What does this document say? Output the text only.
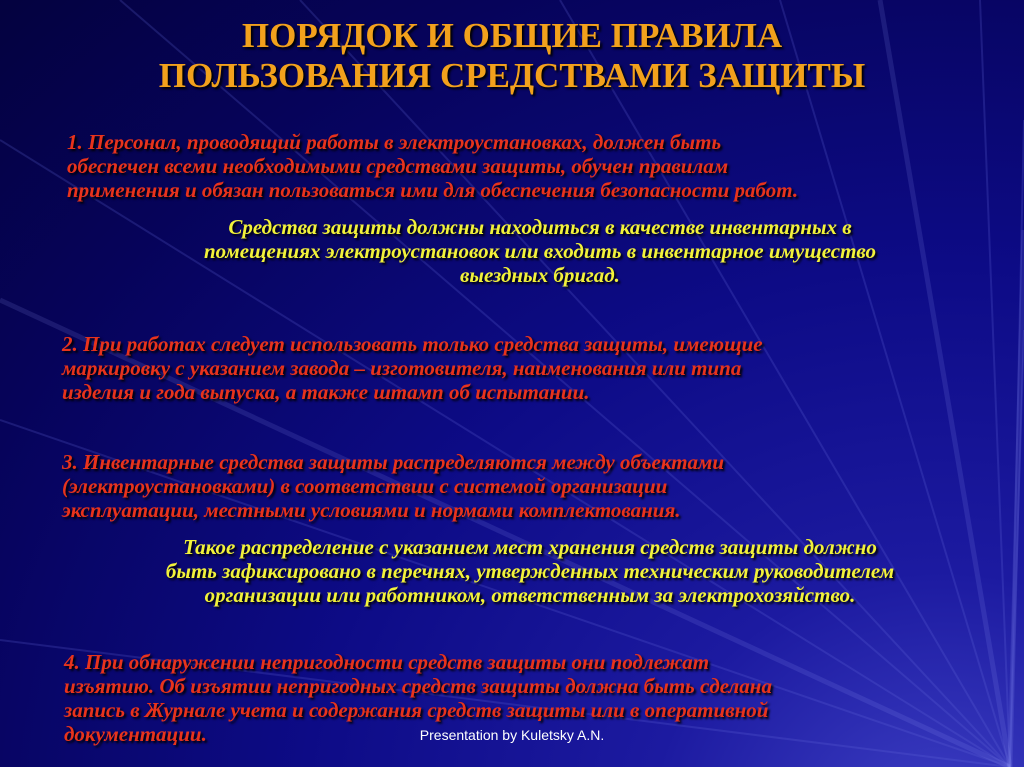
ПОРЯДОК И ОБЩИЕ ПРАВИЛА
ПОЛЬЗОВАНИЯ СРЕДСТВАМИ ЗАЩИТЫ
1. Персонал, проводящий работы в электроустановках, должен быть
обеспечен всеми необходимыми средствами защиты, обучен правилам
применения и обязан пользоваться ими для обеспечения безопасности работ.
Средства защиты должны находиться в качестве инвентарных в
помещениях электроустановок или входить в инвентарное имущество
выездных бригад.
2. При работах следует использовать только средства защиты, имеющие
маркировку с указанием завода – изготовителя, наименования или типа
изделия и года выпуска, а также штамп об испытании.
3. Инвентарные средства защиты распределяются между объектами
(электроустановками) в соответствии с системой организации
эксплуатации, местными условиями и нормами комплектования.
Такое распределение с указанием мест хранения средств защиты должно
быть зафиксировано в перечнях, утвержденных техническим руководителем
организации или работником, ответственным за электрохозяйство.
4. При обнаружении непригодности средств защиты они подлежат
изъятию. Об изъятии непригодных средств защиты должна быть сделана
запись в Журнале учета и содержания средств защиты или в оперативной
документации.	Presentation by Kuletsky A.N.
